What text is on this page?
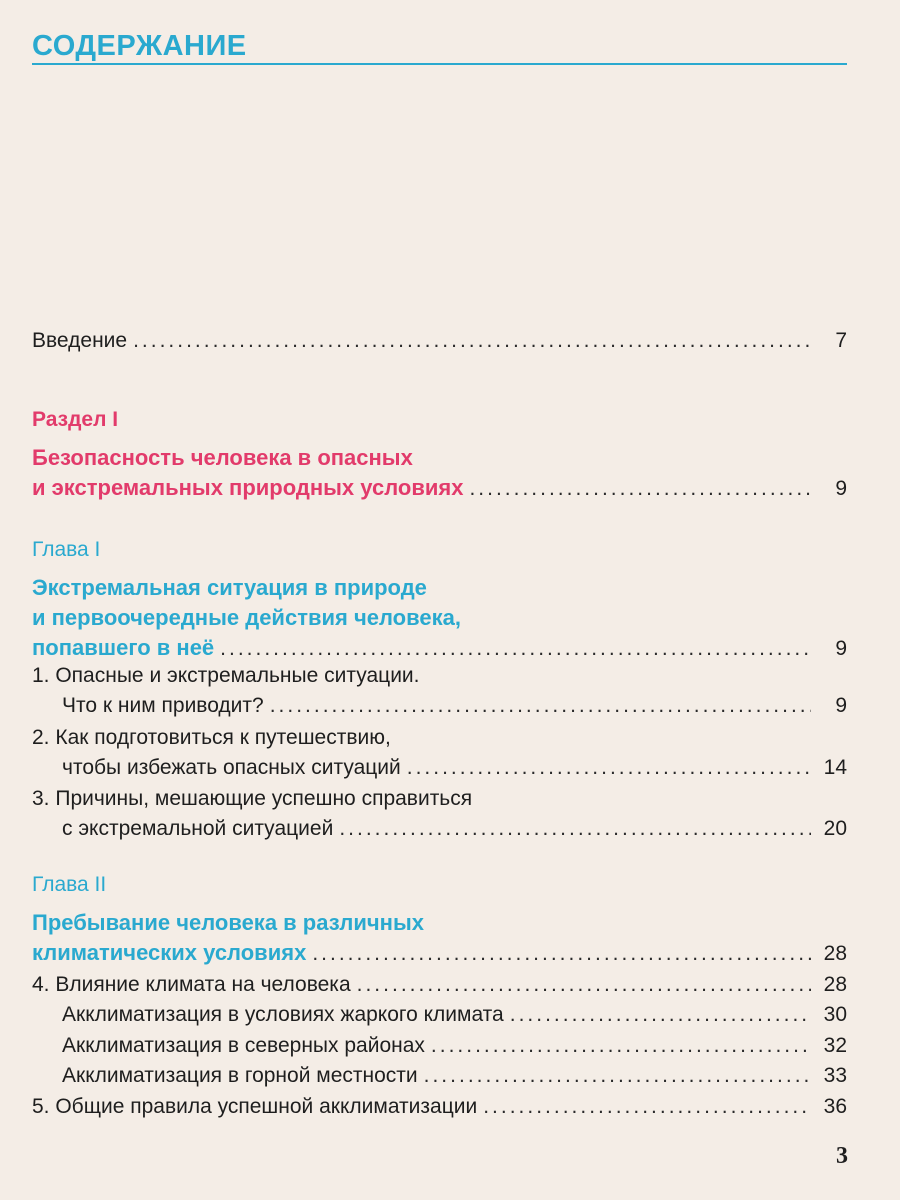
СОДЕРЖАНИЕ
Введение .....	7
Раздел I
Безопасность человека в опасных
и экстремальных природных условиях .....	9
Глава I
Экстремальная ситуация в природе
и первоочередные действия человека,
попавшего в неё .....	9
1. Опасные и экстремальные ситуации.
Что к ним приводит? .....	9
2. Как подготовиться к путешествию,
чтобы избежать опасных ситуаций .....	14
3. Причины, мешающие успешно справиться
с экстремальной ситуацией .....	20
Глава II
Пребывание человека в различных
климатических условиях .....	28
4. Влияние климата на человека .....	28
Акклиматизация в условиях жаркого климата .....	30
Акклиматизация в северных районах .....	32
Акклиматизация в горной местности .....	33
5. Общие правила успешной акклиматизации .....	36
3
